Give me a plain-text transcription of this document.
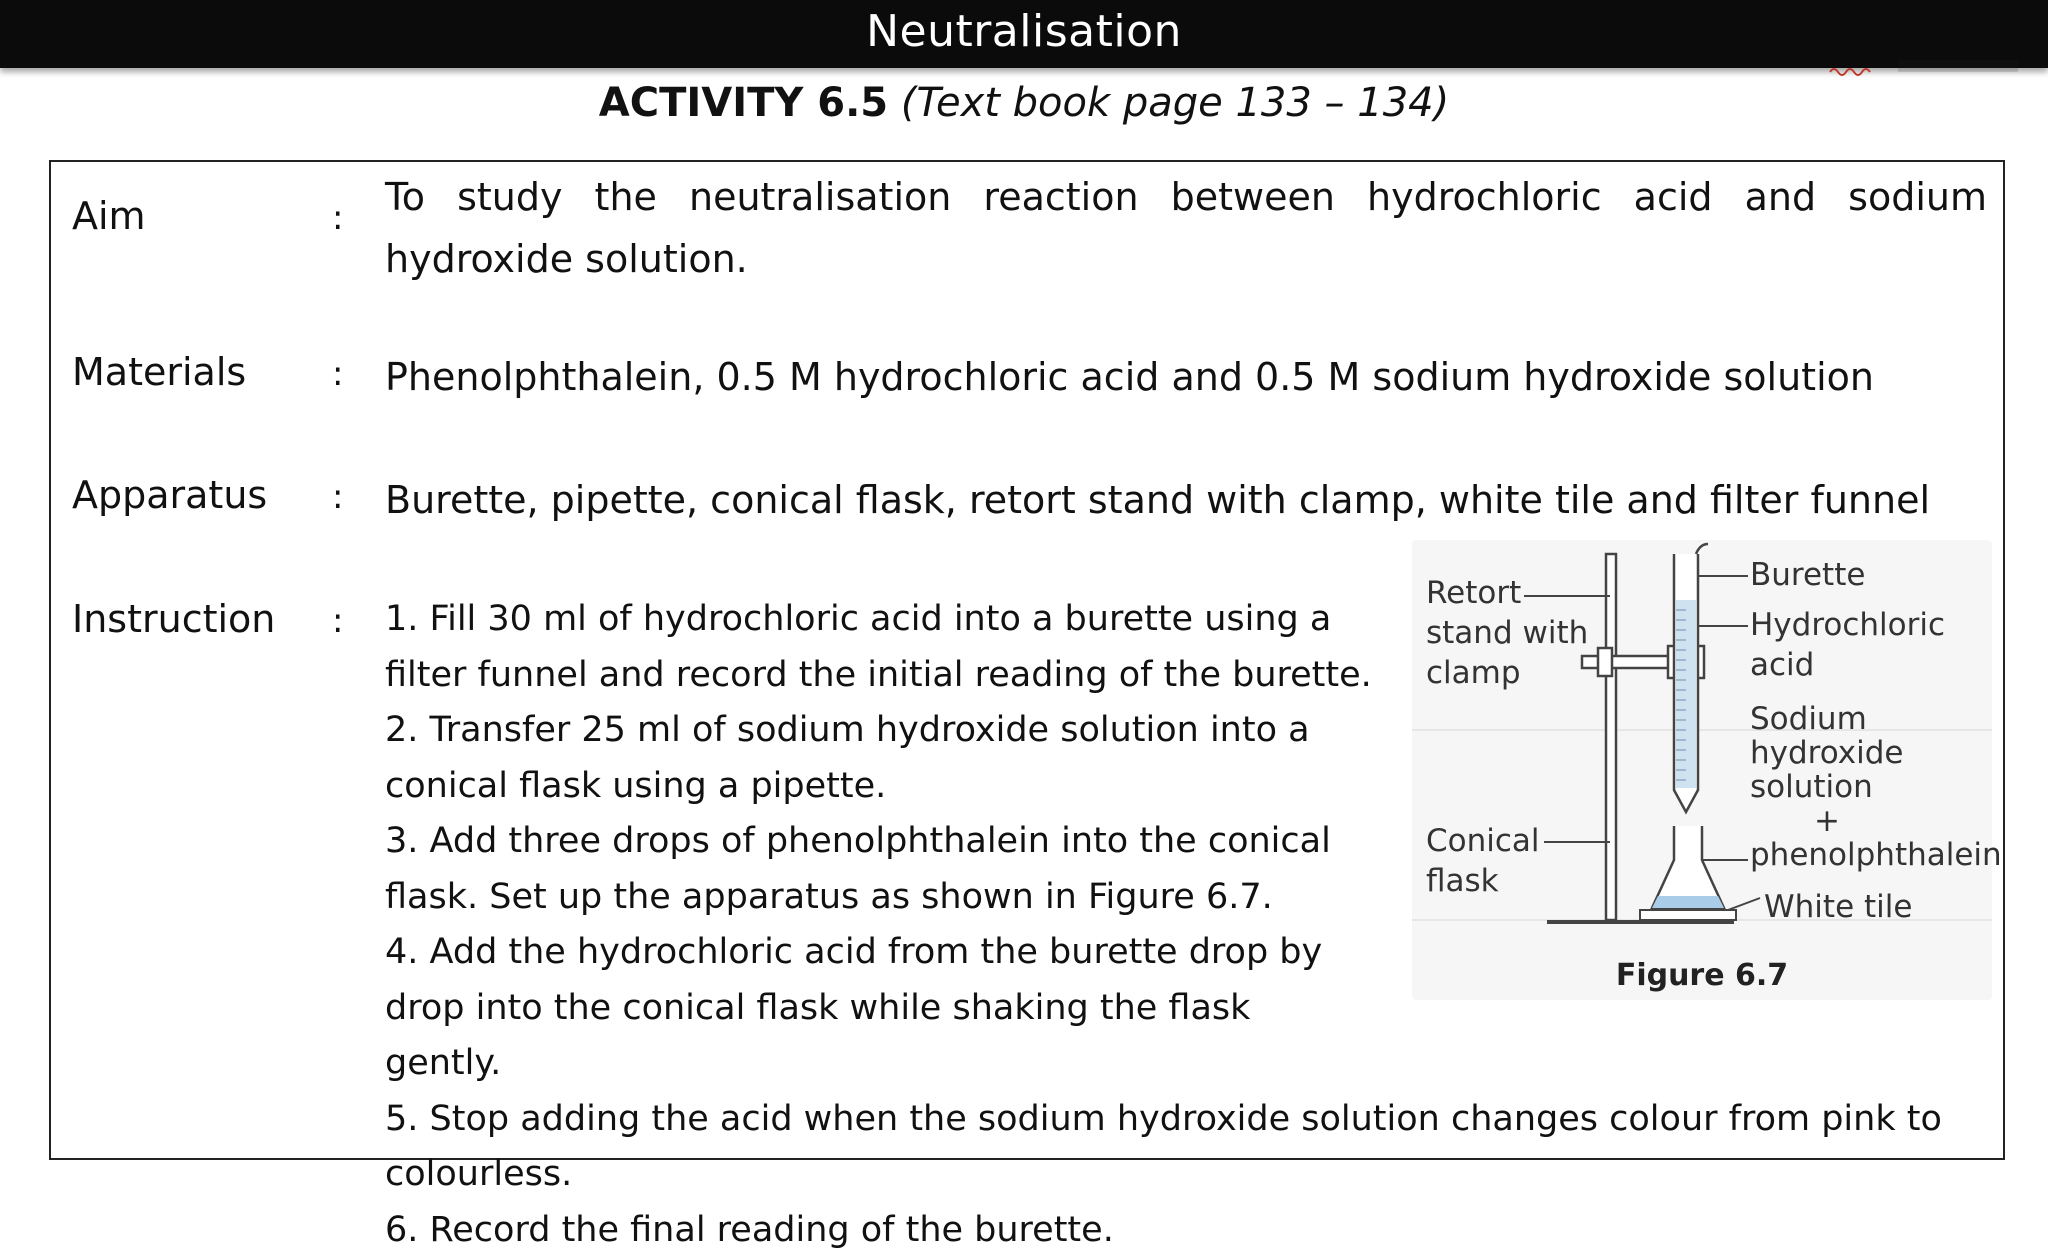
Neutralisation
ACTIVITY 6.5 (Text book page 133 – 134)
Aim	: To study the neutralisation reaction between hydrochloric acid and sodium hydroxide solution.
Materials	: Phenolphthalein, 0.5 M hydrochloric acid and 0.5 M sodium hydroxide solution
Apparatus : Burette, pipette, conical flask, retort stand with clamp, white tile and filter funnel
Instruction : 1. Fill 30 ml of hydrochloric acid into a burette using a filter funnel and record the initial reading of the burette.

2. Transfer 25 ml of sodium hydroxide solution into a conical flask using a pipette.

3. Add three drops of phenolphthalein into the conical flask. Set up the apparatus as shown in Figure 6.7.

4. Add the hydrochloric acid from the burette drop by drop into the conical flask while shaking the flask gently.

5. Stop adding the acid when the sodium hydroxide solution changes colour from pink to colourless.

6. Record the final reading of the burette.

Retort
stand with
clamp
Conical
flask
Burette
Hydrochloric
acid
Sodium
hydroxide
solution
+
phenolphthalein
White tile
Figure 6.7
